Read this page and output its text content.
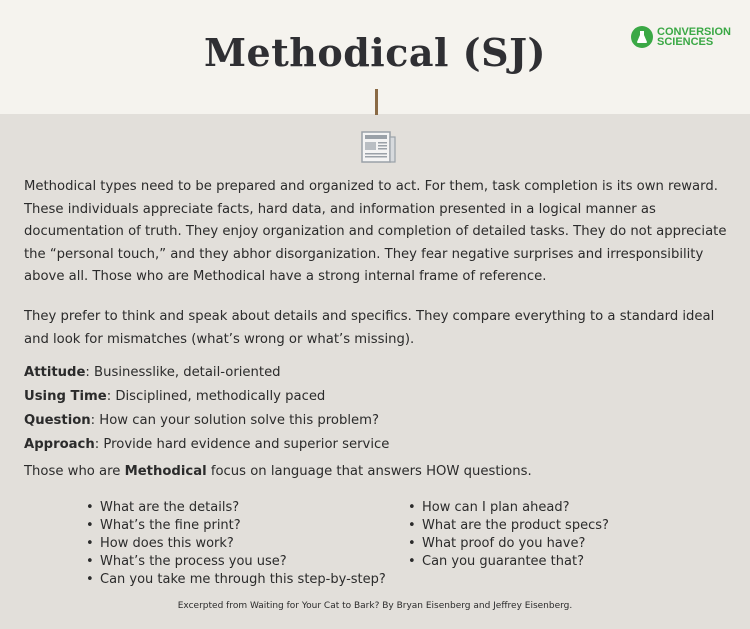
Methodical (SJ)	CONVERSION
SCIENCES

Methodical types need to be prepared and organized to act. For them, task completion is its own reward. These individuals appreciate facts, hard data, and information presented in a logical manner as documentation of truth. They enjoy organization and completion of detailed tasks. They do not appreciate the “personal touch,” and they abhor disorganization. They fear negative surprises and irresponsibility above all. Those who are Methodical have a strong internal frame of reference.

They prefer to think and speak about details and specifics. They compare everything to a standard ideal and look for mismatches (what’s wrong or what’s missing).

Attitude: Businesslike, detail-oriented
Using Time: Disciplined, methodically paced
Question: How can your solution solve this problem?
Approach: Provide hard evidence and superior service

Those who are Methodical focus on language that answers HOW questions.

• What are the details?
• What’s the fine print?
• How does this work?
• What’s the process you use?
• Can you take me through this step-by-step?
• How can I plan ahead?
• What are the product specs?
• What proof do you have?
• Can you guarantee that?
Excerpted from Waiting for Your Cat to Bark? By Bryan Eisenberg and Jeffrey Eisenberg.
